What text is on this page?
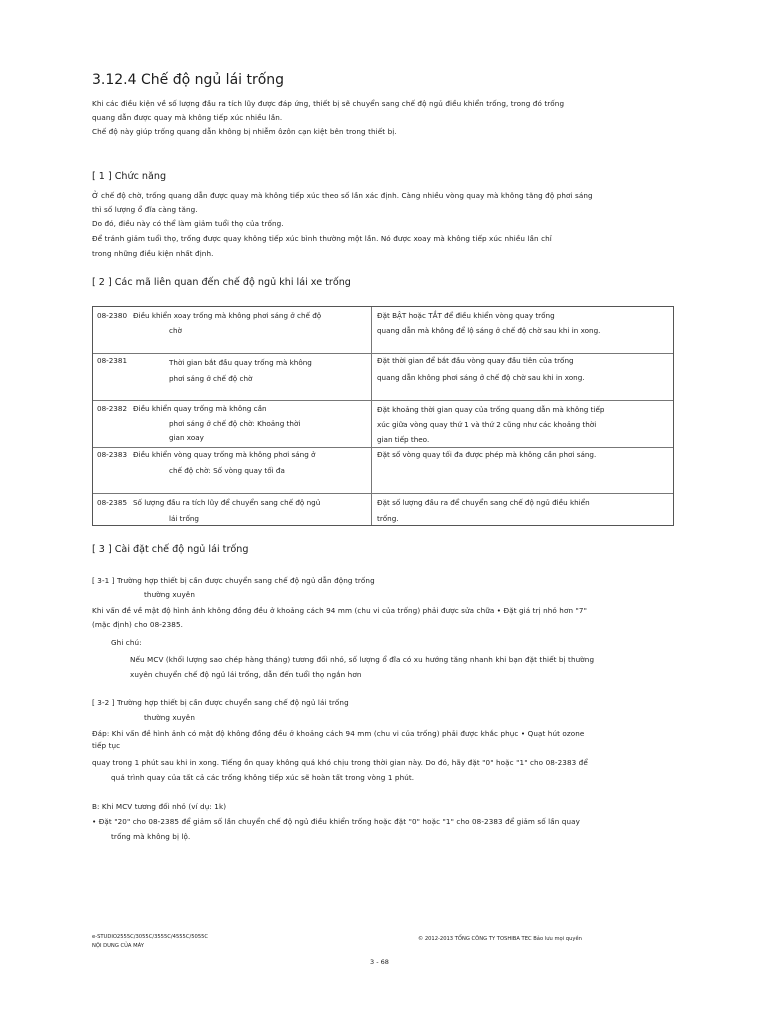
3.12.4 Chế độ ngủ lái trống
Khi các điều kiện về số lượng đầu ra tích lũy được đáp ứng, thiết bị sẽ chuyển sang chế độ ngủ điều khiển trống, trong đó trống
quang dẫn được quay mà không tiếp xúc nhiều lần.
Chế độ này giúp trống quang dẫn không bị nhiễm ôzôn cạn kiệt bên trong thiết bị.
[ 1 ] Chức năng
Ở chế độ chờ, trống quang dẫn được quay mà không tiếp xúc theo số lần xác định. Càng nhiều vòng quay mà không tăng độ phơi sáng
thì số lượng ổ đĩa càng tăng.
Do đó, điều này có thể làm giảm tuổi thọ của trống.
Để tránh giảm tuổi thọ, trống được quay không tiếp xúc bình thường một lần. Nó được xoay mà không tiếp xúc nhiều lần chỉ
trong những điều kiện nhất định.
[ 2 ] Các mã liên quan đến chế độ ngủ khi lái xe trống
08-2380 Điều khiển xoay trống mà không phơi sáng ở chế độ
chờ
Đặt BẬT hoặc TẮT để điều khiển vòng quay trống
quang dẫn mà không để lộ sáng ở chế độ chờ sau khi in xong.
08-2381	Thời gian bắt đầu quay trống mà không
phơi sáng ở chế độ chờ
Đặt thời gian để bắt đầu vòng quay đầu tiên của trống
quang dẫn không phơi sáng ở chế độ chờ sau khi in xong.
08-2382 Điều khiển quay trống mà không cần
phơi sáng ở chế độ chờ: Khoảng thời
gian xoay
Đặt khoảng thời gian quay của trống quang dẫn mà không tiếp
xúc giữa vòng quay thứ 1 và thứ 2 cũng như các khoảng thời
gian tiếp theo.
08-2383 Điều khiển vòng quay trống mà không phơi sáng ở
chế độ chờ: Số vòng quay tối đa
Đặt số vòng quay tối đa được phép mà không cần phơi sáng.
08-2385 Số lượng đầu ra tích lũy để chuyển sang chế độ ngủ
lái trống
Đặt số lượng đầu ra để chuyển sang chế độ ngủ điều khiển
trống.
[ 3 ] Cài đặt chế độ ngủ lái trống
[ 3-1 ] Trường hợp thiết bị cần được chuyển sang chế độ ngủ dẫn động trống
thường xuyên
Khi vấn đề về mật độ hình ảnh không đồng đều ở khoảng cách 94 mm (chu vi của trống) phải được sửa chữa • Đặt giá trị nhỏ hơn "7"
(mặc định) cho 08-2385.
Ghi chú:
Nếu MCV (khối lượng sao chép hàng tháng) tương đối nhỏ, số lượng ổ đĩa có xu hướng tăng nhanh khi bạn đặt thiết bị thường
xuyên chuyển chế độ ngủ lái trống, dẫn đến tuổi thọ ngắn hơn
[ 3-2 ] Trường hợp thiết bị cần được chuyển sang chế độ ngủ lái trống
thường xuyên
Đáp: Khi vấn đề hình ảnh có mật độ không đồng đều ở khoảng cách 94 mm (chu vi của trống) phải được khắc phục • Quạt hút ozone
tiếp tục
quay trong 1 phút sau khi in xong. Tiếng ồn quay không quá khó chịu trong thời gian này. Do đó, hãy đặt "0" hoặc "1" cho 08-2383 để
quá trình quay của tất cả các trống không tiếp xúc sẽ hoàn tất trong vòng 1 phút.
B: Khi MCV tương đối nhỏ (ví dụ: 1k)
• Đặt "20" cho 08-2385 để giảm số lần chuyển chế độ ngủ điều khiển trống hoặc đặt "0" hoặc "1" cho 08-2383 để giảm số lần quay
trống mà không bị lộ.
e-STUDIO2555C/3055C/3555C/4555C/5055C
NỘI DUNG CỦA MÁY
© 2012-2013 TỔNG CÔNG TY TOSHIBA TEC Bảo lưu mọi quyền
3 - 68
